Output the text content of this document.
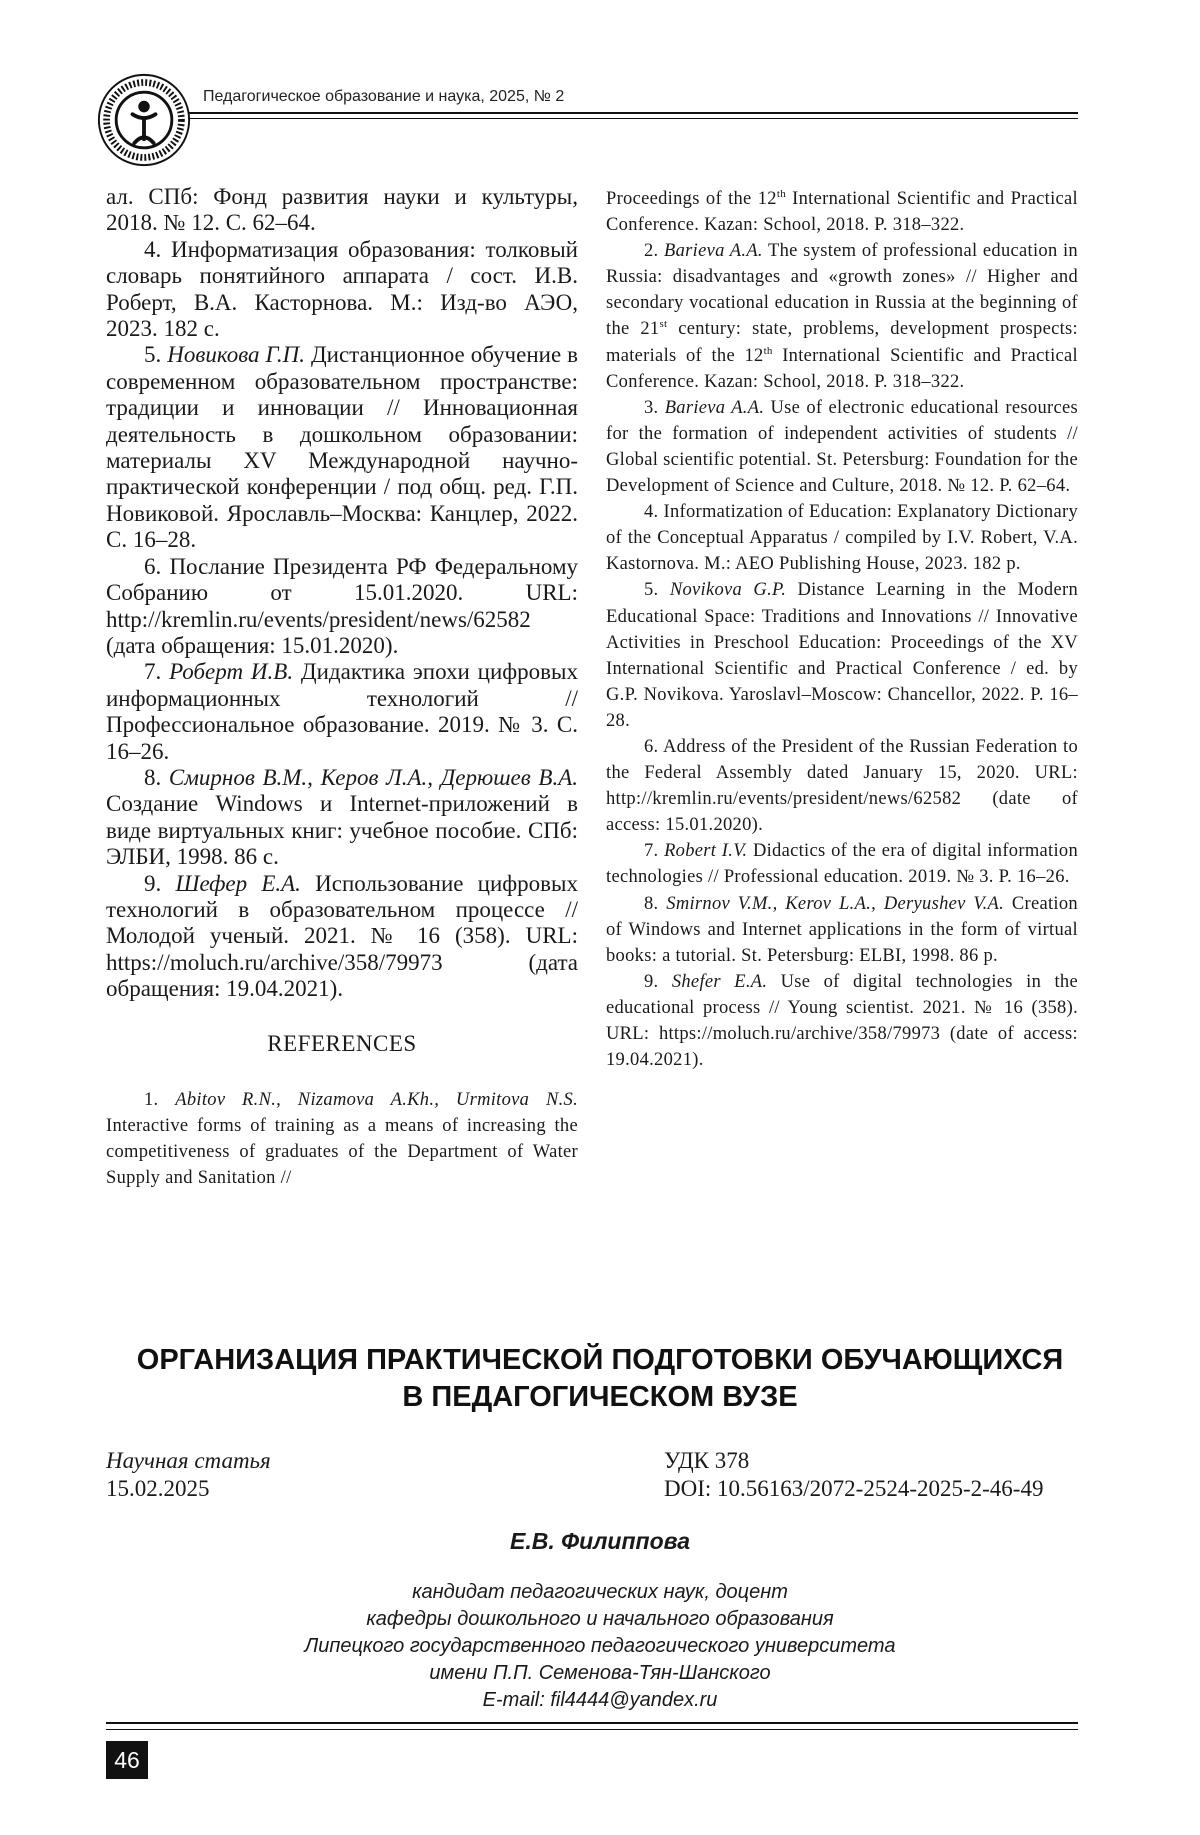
Педагогическое образование и наука, 2025, № 2

ал. СПб: Фонд развития науки и культуры, 2018. № 12. С. 62–64.

4. Информатизация образования: толковый словарь понятийного аппарата / сост. И.В. Роберт, В.А. Касторнова. М.: Изд-во АЭО, 2023. 182 с.

5. Новикова Г.П. Дистанционное обучение в современном образовательном пространстве: традиции и инновации // Инновационная деятельность в дошкольном образовании: материалы XV Международной научно-практической конференции / под общ. ред. Г.П. Новиковой. Ярославль–Москва: Канцлер, 2022. С. 16–28.

6. Послание Президента РФ Федеральному Собранию от 15.01.2020. URL: http://kremlin.ru/events/president/news/62582 (дата обращения: 15.01.2020).

7. Роберт И.В. Дидактика эпохи цифровых информационных технологий // Профессиональное образование. 2019. № 3. С. 16–26.

8. Смирнов В.М., Керов Л.А., Дерюшев В.А. Создание Windows и Internet-приложений в виде виртуальных книг: учебное пособие. СПб: ЭЛБИ, 1998. 86 с.

9. Шефер Е.А. Использование цифровых технологий в образовательном процессе // Молодой ученый. 2021. № 16 (358). URL: https://moluch.ru/archive/358/79973 (дата обращения: 19.04.2021).

REFERENCES

1. Abitov R.N., Nizamova A.Kh., Urmitova N.S. Interactive forms of training as a means of increasing the competitiveness of graduates of the Department of Water Supply and Sanitation //

Proceedings of the 12th International Scientific and Practical Conference. Kazan: School, 2018. P. 318–322.

2. Barieva A.A. The system of professional education in Russia: disadvantages and «growth zones» // Higher and secondary vocational education in Russia at the beginning of the 21st century: state, problems, development prospects: materials of the 12th International Scientific and Practical Conference. Kazan: School, 2018. P. 318–322.

3. Barieva A.A. Use of electronic educational resources for the formation of independent activities of students // Global scientific potential. St. Petersburg: Foundation for the Development of Science and Culture, 2018. № 12. P. 62–64.

4. Informatization of Education: Explanatory Dictionary of the Conceptual Apparatus / compiled by I.V. Robert, V.A. Kastornova. M.: AEO Publishing House, 2023. 182 p.

5. Novikova G.P. Distance Learning in the Modern Educational Space: Traditions and Innovations // Innovative Activities in Preschool Education: Proceedings of the XV International Scientific and Practical Conference / ed. by G.P. Novikova. Yaroslavl–Moscow: Chancellor, 2022. P. 16–28.

6. Address of the President of the Russian Federation to the Federal Assembly dated January 15, 2020. URL: http://kremlin.ru/events/president/news/62582 (date of access: 15.01.2020).

7. Robert I.V. Didactics of the era of digital information technologies // Professional education. 2019. № 3. P. 16–26.

8. Smirnov V.M., Kerov L.A., Deryushev V.A. Creation of Windows and Internet applications in the form of virtual books: a tutorial. St. Petersburg: ELBI, 1998. 86 p.

9. Shefer E.A. Use of digital technologies in the educational process // Young scientist. 2021. № 16 (358). URL: https://moluch.ru/archive/358/79973 (date of access: 19.04.2021).

ОРГАНИЗАЦИЯ ПРАКТИЧЕСКОЙ ПОДГОТОВКИ ОБУЧАЮЩИХСЯ
В ПЕДАГОГИЧЕСКОМ ВУЗЕ
Научная статья
15.02.2025
УДК 378
DOI: 10.56163/2072-2524-2025-2-46-49
Е.В. Филиппова
кандидат педагогических наук, доцент
кафедры дошкольного и начального образования
Липецкого государственного педагогического университета
имени П.П. Семенова-Тян-Шанского
E-mail: fil4444@yandex.ru
46
